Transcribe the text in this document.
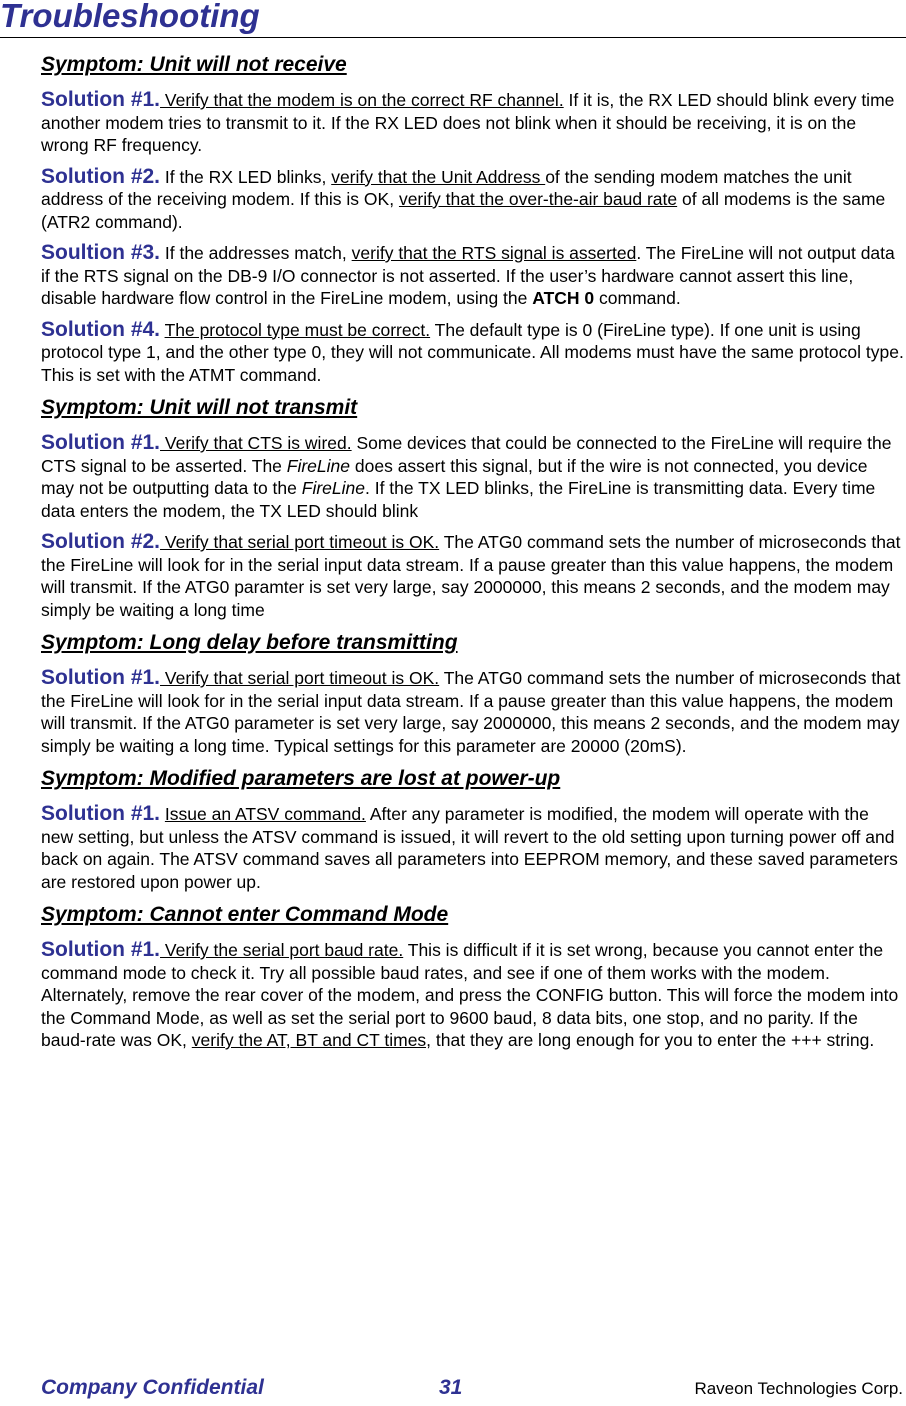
Troubleshooting

Symptom: Unit will not receive

Solution #1. Verify that the modem is on the correct RF channel. If it is, the RX LED should blink every time another modem tries to transmit to it. If the RX LED does not blink when it should be receiving, it is on the wrong RF frequency.

Solution #2. If the RX LED blinks, verify that the Unit Address of the sending modem matches the unit address of the receiving modem. If this is OK, verify that the over-the-air baud rate of all modems is the same (ATR2 command).

Soultion #3. If the addresses match, verify that the RTS signal is asserted. The FireLine will not output data if the RTS signal on the DB-9 I/O connector is not asserted. If the user’s hardware cannot assert this line, disable hardware flow control in the FireLine modem, using the ATCH 0 command.

Solution #4. The protocol type must be correct. The default type is 0 (FireLine type). If one unit is using protocol type 1, and the other type 0, they will not communicate. All modems must have the same protocol type. This is set with the ATMT command.

Symptom: Unit will not transmit

Solution #1. Verify that CTS is wired. Some devices that could be connected to the FireLine will require the CTS signal to be asserted. The FireLine does assert this signal, but if the wire is not connected, you device may not be outputting data to the FireLine. If the TX LED blinks, the FireLine is transmitting data. Every time data enters the modem, the TX LED should blink

Solution #2. Verify that serial port timeout is OK. The ATG0 command sets the number of microseconds that the FireLine will look for in the serial input data stream. If a pause greater than this value happens, the modem will transmit. If the ATG0 paramter is set very large, say 2000000, this means 2 seconds, and the modem may simply be waiting a long time

Symptom: Long delay before transmitting

Solution #1. Verify that serial port timeout is OK. The ATG0 command sets the number of microseconds that the FireLine will look for in the serial input data stream. If a pause greater than this value happens, the modem will transmit. If the ATG0 parameter is set very large, say 2000000, this means 2 seconds, and the modem may simply be waiting a long time. Typical settings for this parameter are 20000 (20mS).

Symptom: Modified parameters are lost at power-up

Solution #1. Issue an ATSV command. After any parameter is modified, the modem will operate with the new setting, but unless the ATSV command is issued, it will revert to the old setting upon turning power off and back on again. The ATSV command saves all parameters into EEPROM memory, and these saved parameters are restored upon power up.

Symptom: Cannot enter Command Mode

Solution #1. Verify the serial port baud rate. This is difficult if it is set wrong, because you cannot enter the command mode to check it. Try all possible baud rates, and see if one of them works with the modem. Alternately, remove the rear cover of the modem, and press the CONFIG button. This will force the modem into the Command Mode, as well as set the serial port to 9600 baud, 8 data bits, one stop, and no parity. If the baud-rate was OK, verify the AT, BT and CT times, that they are long enough for you to enter the +++ string.

Company Confidential	31	Raveon Technologies Corp.
